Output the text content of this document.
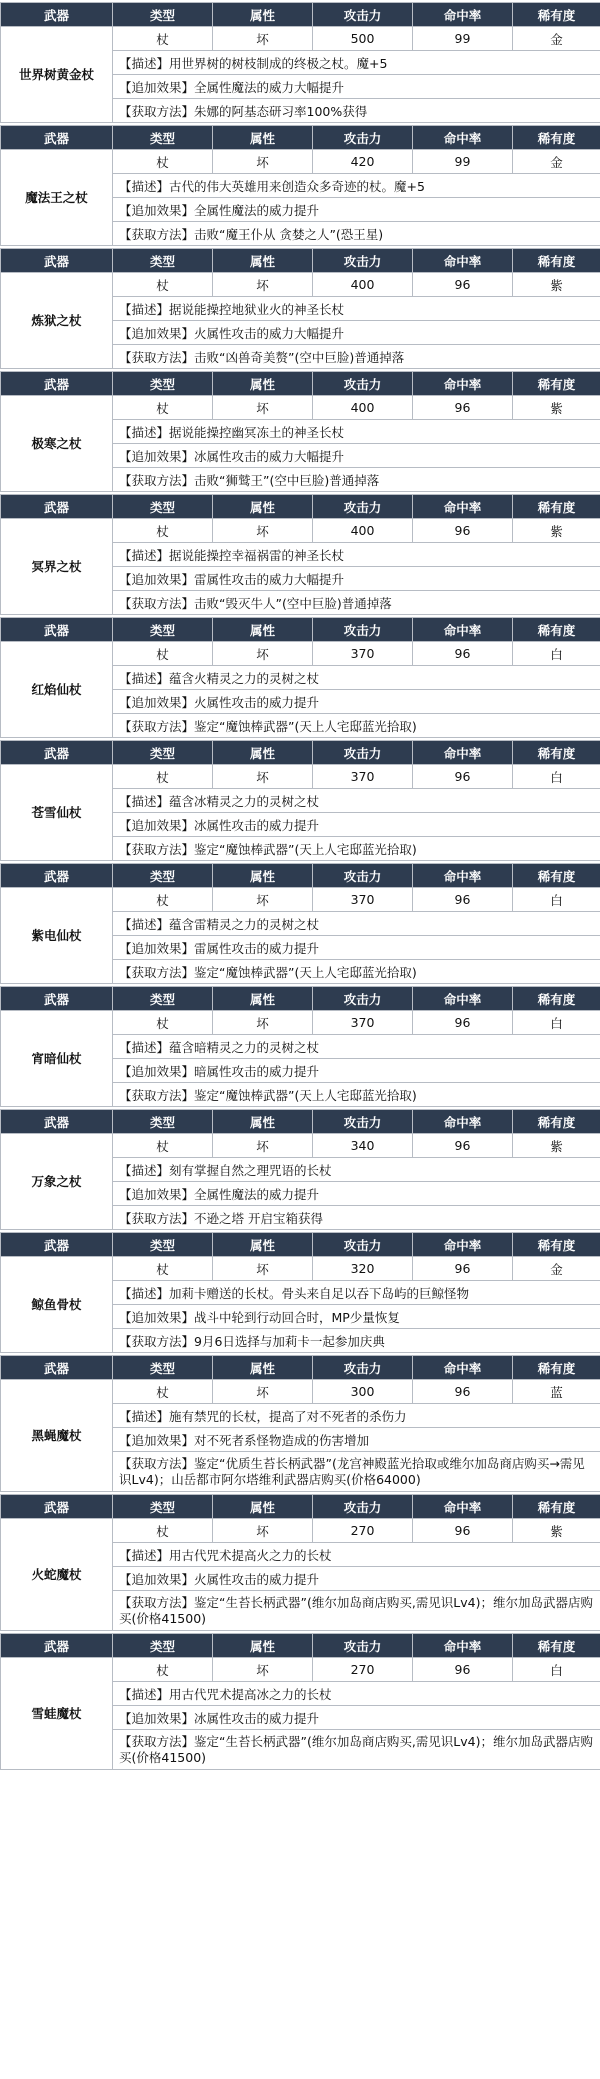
武器	类型	属性	攻击力	命中率	稀有度
世界树黄金杖	杖	坏	500	99	金
	【描述】用世界树的树枝制成的终极之杖。魔+5				
	【追加效果】全属性魔法的威力大幅提升				
	【获取方法】朱娜的阿基态研习率100%获得				
武器	类型	属性	攻击力	命中率	稀有度
魔法王之杖	杖	坏	420	99	金
	【描述】古代的伟大英雄用来创造众多奇迹的杖。魔+5				
	【追加效果】全属性魔法的威力提升				
	【获取方法】击败“魔王仆从 贪婪之人”(恐王星)				
武器	类型	属性	攻击力	命中率	稀有度
炼狱之杖	杖	坏	400	96	紫
	【描述】据说能操控地狱业火的神圣长杖				
	【追加效果】火属性攻击的威力大幅提升				
	【获取方法】击败“凶兽奇美赘”(空中巨脸)普通掉落				
武器	类型	属性	攻击力	命中率	稀有度
极寒之杖	杖	坏	400	96	紫
	【描述】据说能操控幽冥冻土的神圣长杖				
	【追加效果】冰属性攻击的威力大幅提升				
	【获取方法】击败“狮鹫王”(空中巨脸)普通掉落				
武器	类型	属性	攻击力	命中率	稀有度
冥界之杖	杖	坏	400	96	紫
	【描述】据说能操控幸福祸雷的神圣长杖				
	【追加效果】雷属性攻击的威力大幅提升				
	【获取方法】击败“毁灭牛人”(空中巨脸)普通掉落				
武器	类型	属性	攻击力	命中率	稀有度
红焰仙杖	杖	坏	370	96	白
	【描述】蕴含火精灵之力的灵树之杖				
	【追加效果】火属性攻击的威力提升				
	【获取方法】鉴定“魔蚀棒武器”(天上人宅邸蓝光拾取)				
武器	类型	属性	攻击力	命中率	稀有度
苍雪仙杖	杖	坏	370	96	白
	【描述】蕴含冰精灵之力的灵树之杖				
	【追加效果】冰属性攻击的威力提升				
	【获取方法】鉴定“魔蚀棒武器”(天上人宅邸蓝光拾取)				
武器	类型	属性	攻击力	命中率	稀有度
紫电仙杖	杖	坏	370	96	白
	【描述】蕴含雷精灵之力的灵树之杖				
	【追加效果】雷属性攻击的威力提升				
	【获取方法】鉴定“魔蚀棒武器”(天上人宅邸蓝光拾取)				
武器	类型	属性	攻击力	命中率	稀有度
宵暗仙杖	杖	坏	370	96	白
	【描述】蕴含暗精灵之力的灵树之杖				
	【追加效果】暗属性攻击的威力提升				
	【获取方法】鉴定“魔蚀棒武器”(天上人宅邸蓝光拾取)				
武器	类型	属性	攻击力	命中率	稀有度
万象之杖	杖	坏	340	96	紫
	【描述】刻有掌握自然之理咒语的长杖				
	【追加效果】全属性魔法的威力提升				
	【获取方法】不逊之塔 开启宝箱获得				
武器	类型	属性	攻击力	命中率	稀有度
鲸鱼骨杖	杖	坏	320	96	金
	【描述】加莉卡赠送的长杖。骨头来自足以吞下岛屿的巨鲸怪物				
	【追加效果】战斗中轮到行动回合时，MP少量恢复				
	【获取方法】9月6日选择与加莉卡一起参加庆典				
武器	类型	属性	攻击力	命中率	稀有度
黑蝇魔杖	杖	坏	300	96	蓝
	【描述】施有禁咒的长杖，提高了对不死者的杀伤力				
	【追加效果】对不死者系怪物造成的伤害增加				
	【获取方法】鉴定“优质生苔长柄武器”(龙宫神殿蓝光拾取或维尔加岛商店购买→需见识Lv4)；山岳都市阿尔塔维利武器店购买(价格64000)				
武器	类型	属性	攻击力	命中率	稀有度
火蛇魔杖	杖	坏	270	96	紫
	【描述】用古代咒术提高火之力的长杖				
	【追加效果】火属性攻击的威力提升				
	【获取方法】鉴定“生苔长柄武器”(维尔加岛商店购买,需见识Lv4)；维尔加岛武器店购买(价格41500)				
武器	类型	属性	攻击力	命中率	稀有度
雪蛙魔杖	杖	坏	270	96	白
	【描述】用古代咒术提高冰之力的长杖				
	【追加效果】冰属性攻击的威力提升				
	【获取方法】鉴定“生苔长柄武器”(维尔加岛商店购买,需见识Lv4)；维尔加岛武器店购买(价格41500)				
